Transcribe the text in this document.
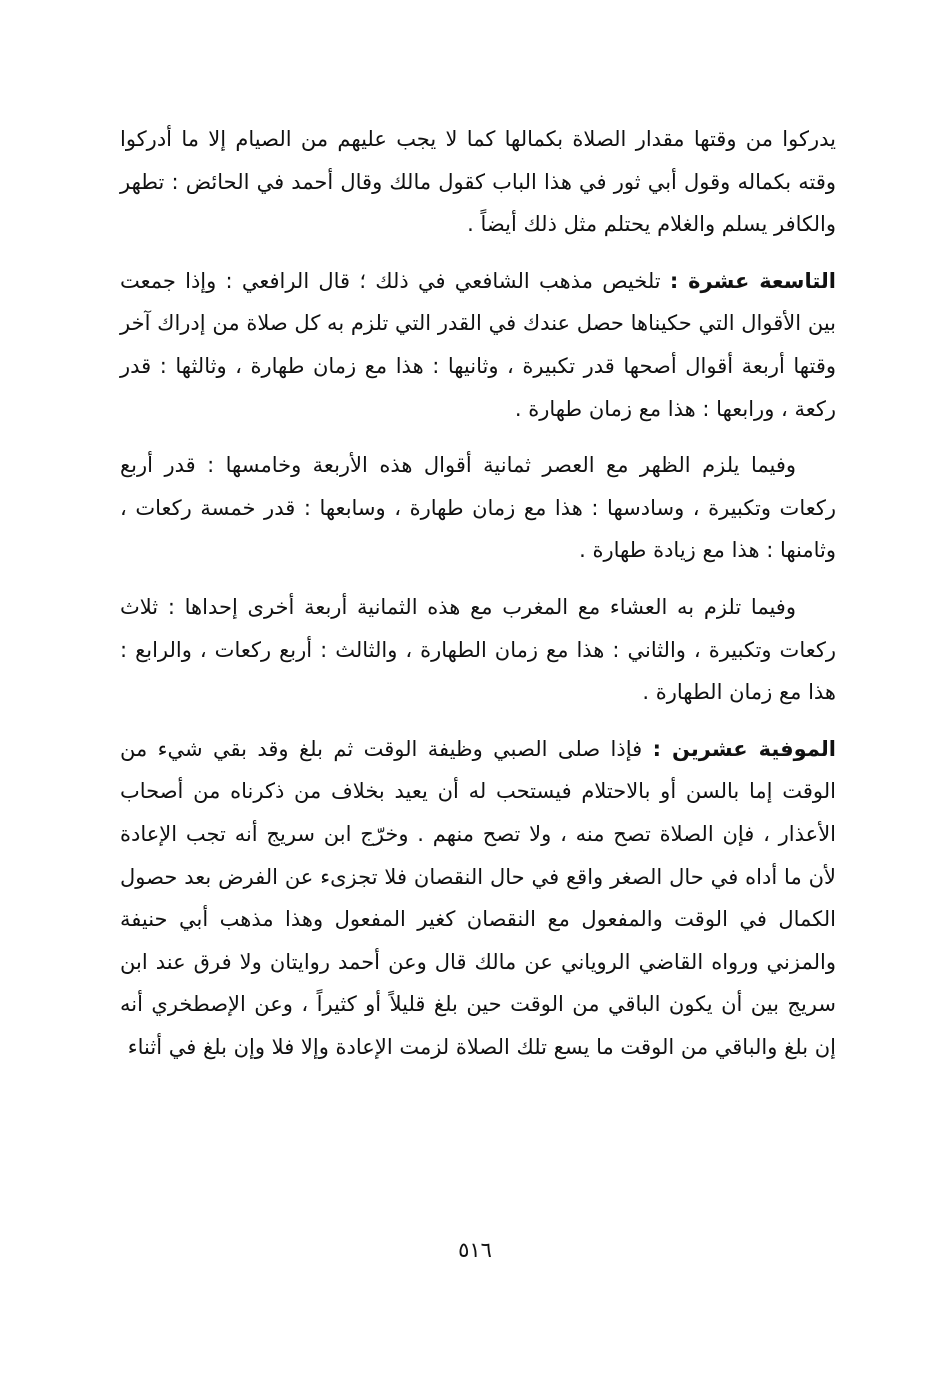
يدركوا من وقتها مقدار الصلاة بكمالها كما لا يجب عليهم من الصيام إلا ما أدركوا وقته بكماله وقول أبي ثور في هذا الباب كقول مالك وقال أحمد في الحائض : تطهر والكافر يسلم والغلام يحتلم مثل ذلك أيضاً .

التاسعة عشرة : تلخيص مذهب الشافعي في ذلك ؛ قال الرافعي : وإذا جمعت بين الأقوال التي حكيناها حصل عندك في القدر التي تلزم به كل صلاة من إدراك آخر وقتها أربعة أقوال أصحها قدر تكبيرة ، وثانيها : هذا مع زمان طهارة ، وثالثها : قدر ركعة ، ورابعها : هذا مع زمان طهارة .

وفيما يلزم الظهر مع العصر ثمانية أقوال هذه الأربعة وخامسها : قدر أربع ركعات وتكبيرة ، وسادسها : هذا مع زمان طهارة ، وسابعها : قدر خمسة ركعات ، وثامنها : هذا مع زيادة طهارة .

وفيما تلزم به العشاء مع المغرب مع هذه الثمانية أربعة أخرى إحداها : ثلاث ركعات وتكبيرة ، والثاني : هذا مع زمان الطهارة ، والثالث : أربع ركعات ، والرابع : هذا مع زمان الطهارة .

الموفية عشرين : فإذا صلى الصبي وظيفة الوقت ثم بلغ وقد بقي شيء من الوقت إما بالسن أو بالاحتلام فيستحب له أن يعيد بخلاف من ذكرناه من أصحاب الأعذار ، فإن الصلاة تصح منه ، ولا تصح منهم . وخرّج ابن سريج أنه تجب الإعادة لأن ما أداه في حال الصغر واقع في حال النقصان فلا تجزىء عن الفرض بعد حصول الكمال في الوقت والمفعول مع النقصان كغير المفعول وهذا مذهب أبي حنيفة والمزني ورواه القاضي الروياني عن مالك قال وعن أحمد روايتان ولا فرق عند ابن سريج بين أن يكون الباقي من الوقت حين بلغ قليلاً أو كثيراً ، وعن الإصطخري أنه إن بلغ والباقي من الوقت ما يسع تلك الصلاة لزمت الإعادة وإلا فلا وإن بلغ في أثناء

٥١٦
